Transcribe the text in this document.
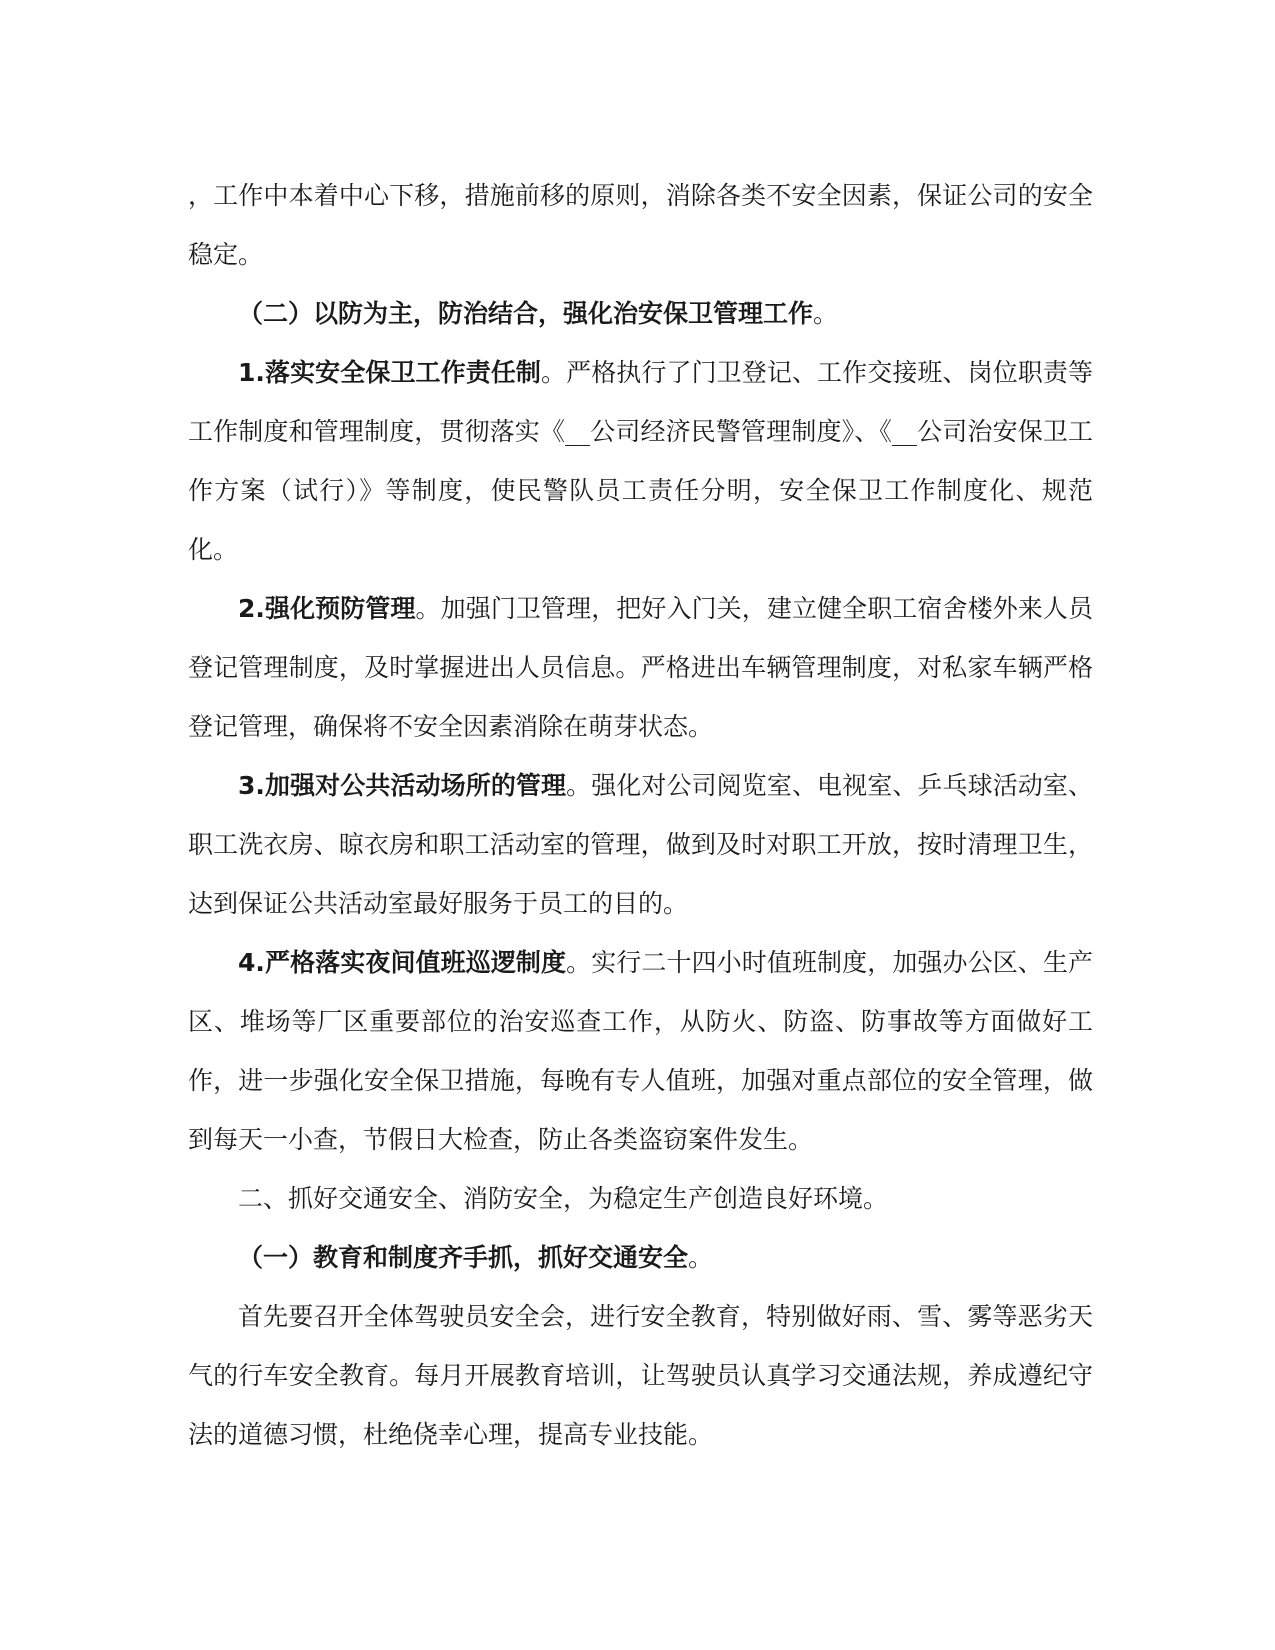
，工作中本着中心下移，措施前移的原则，消除各类不安全因素，保证公司的安全稳定。

（二）以防为主，防治结合，强化治安保卫管理工作。

1.落实安全保卫工作责任制。严格执行了门卫登记、工作交接班、岗位职责等工作制度和管理制度，贯彻落实《__公司经济民警管理制度》、《__公司治安保卫工作方案（试行）》等制度，使民警队员工责任分明，安全保卫工作制度化、规范化。

2.强化预防管理。加强门卫管理，把好入门关，建立健全职工宿舍楼外来人员登记管理制度，及时掌握进出人员信息。严格进出车辆管理制度，对私家车辆严格登记管理，确保将不安全因素消除在萌芽状态。

3.加强对公共活动场所的管理。强化对公司阅览室、电视室、乒乓球活动室、职工洗衣房、晾衣房和职工活动室的管理，做到及时对职工开放，按时清理卫生，达到保证公共活动室最好服务于员工的目的。

4.严格落实夜间值班巡逻制度。实行二十四小时值班制度，加强办公区、生产区、堆场等厂区重要部位的治安巡查工作，从防火、防盗、防事故等方面做好工作，进一步强化安全保卫措施，每晚有专人值班，加强对重点部位的安全管理，做到每天一小查，节假日大检查，防止各类盗窃案件发生。

二、抓好交通安全、消防安全，为稳定生产创造良好环境。

（一）教育和制度齐手抓，抓好交通安全。

首先要召开全体驾驶员安全会，进行安全教育，特别做好雨、雪、雾等恶劣天气的行车安全教育。每月开展教育培训，让驾驶员认真学习交通法规，养成遵纪守法的道德习惯，杜绝侥幸心理，提高专业技能。
